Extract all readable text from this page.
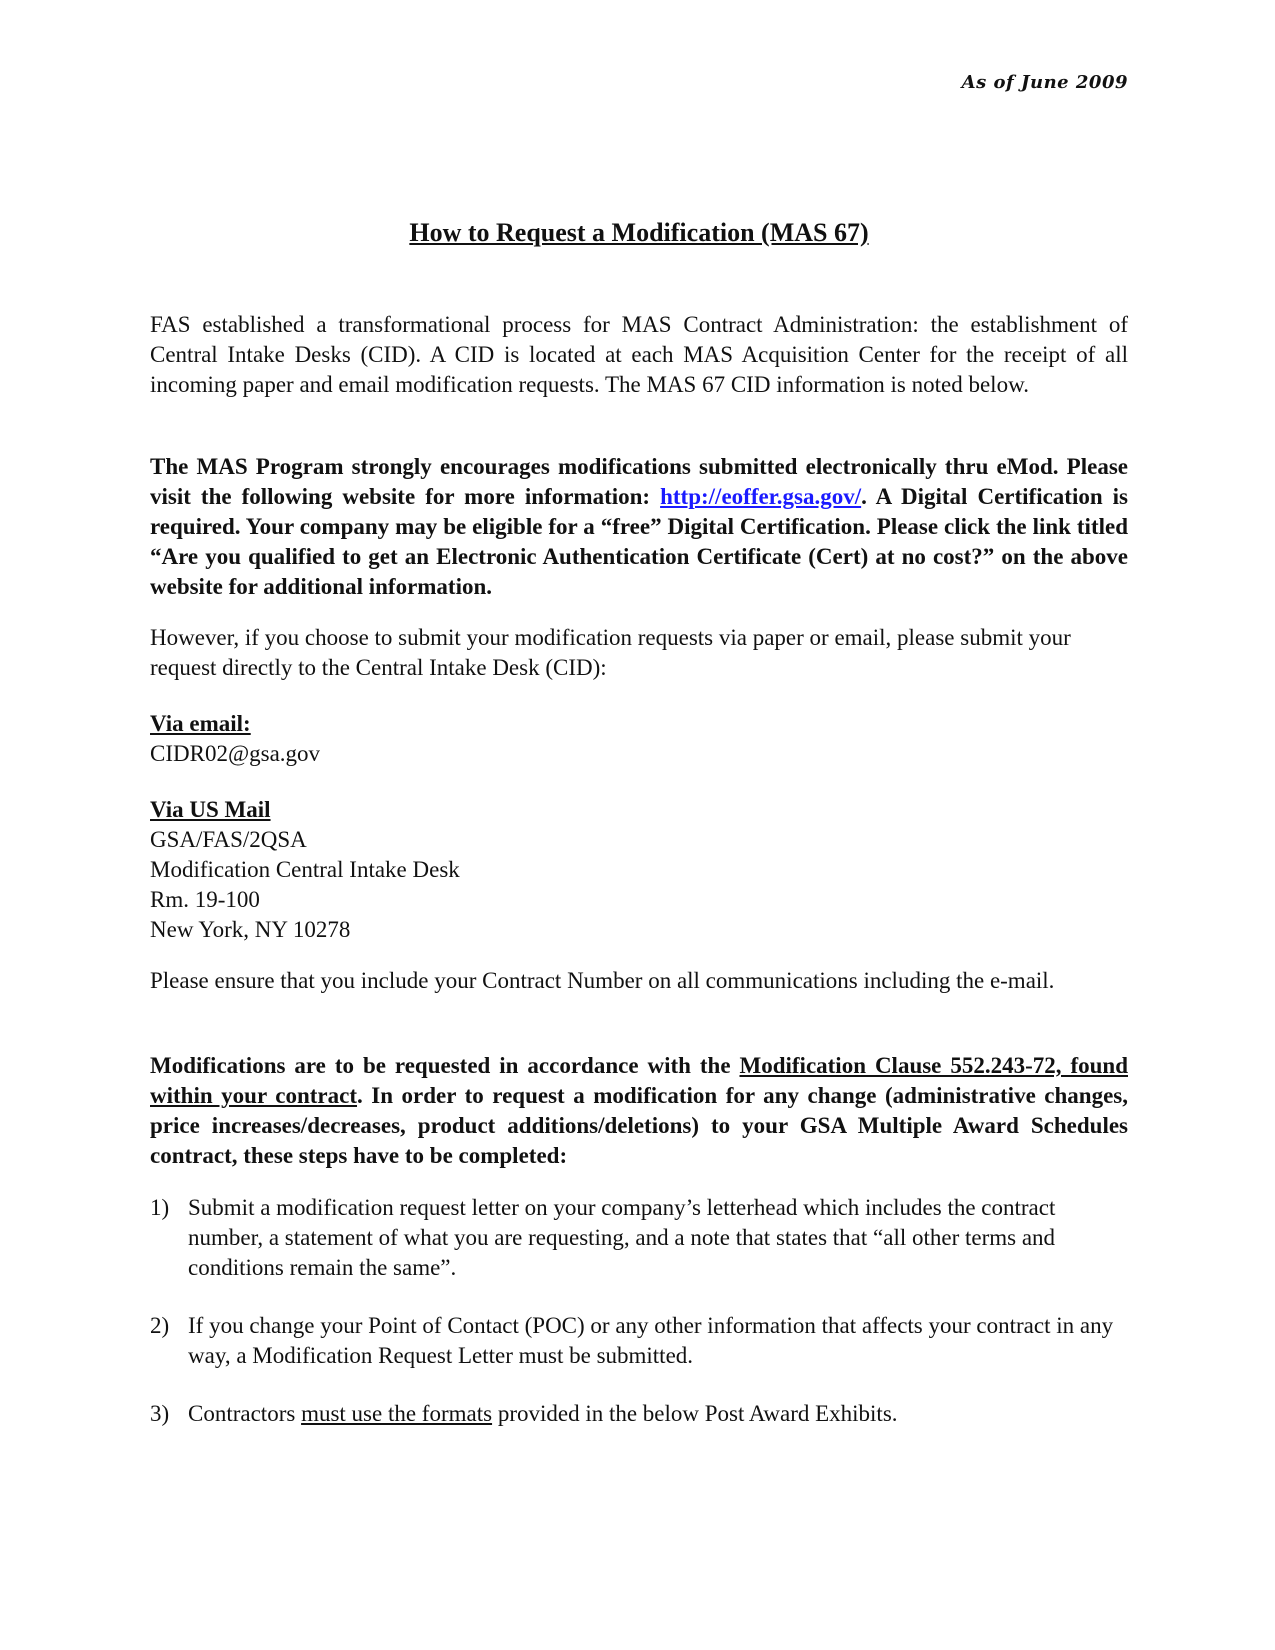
As of June 2009
How to Request a Modification (MAS 67)

FAS established a transformational process for MAS Contract Administration: the establishment of Central Intake Desks (CID). A CID is located at each MAS Acquisition Center for the receipt of all incoming paper and email modification requests. The MAS 67 CID information is noted below.

The MAS Program strongly encourages modifications submitted electronically thru eMod. Please visit the following website for more information: http://eoffer.gsa.gov/. A Digital Certification is required. Your company may be eligible for a “free” Digital Certification. Please click the link titled “Are you qualified to get an Electronic Authentication Certificate (Cert) at no cost?” on the above website for additional information.

However, if you choose to submit your modification requests via paper or email, please submit your request directly to the Central Intake Desk (CID):

Via email:
CIDR02@gsa.gov
Via US Mail
GSA/FAS/2QSA
Modification Central Intake Desk
Rm. 19-100
New York, NY 10278

Please ensure that you include your Contract Number on all communications including the e-mail.

Modifications are to be requested in accordance with the Modification Clause 552.243-72, found within your contract. In order to request a modification for any change (administrative changes, price increases/decreases, product additions/deletions) to your GSA Multiple Award Schedules contract, these steps have to be completed:

1) Submit a modification request letter on your company’s letterhead which includes the contract number, a statement of what you are requesting, and a note that states that “all other terms and conditions remain the same”.
2) If you change your Point of Contact (POC) or any other information that affects your contract in any way, a Modification Request Letter must be submitted.
3) Contractors must use the formats provided in the below Post Award Exhibits.
